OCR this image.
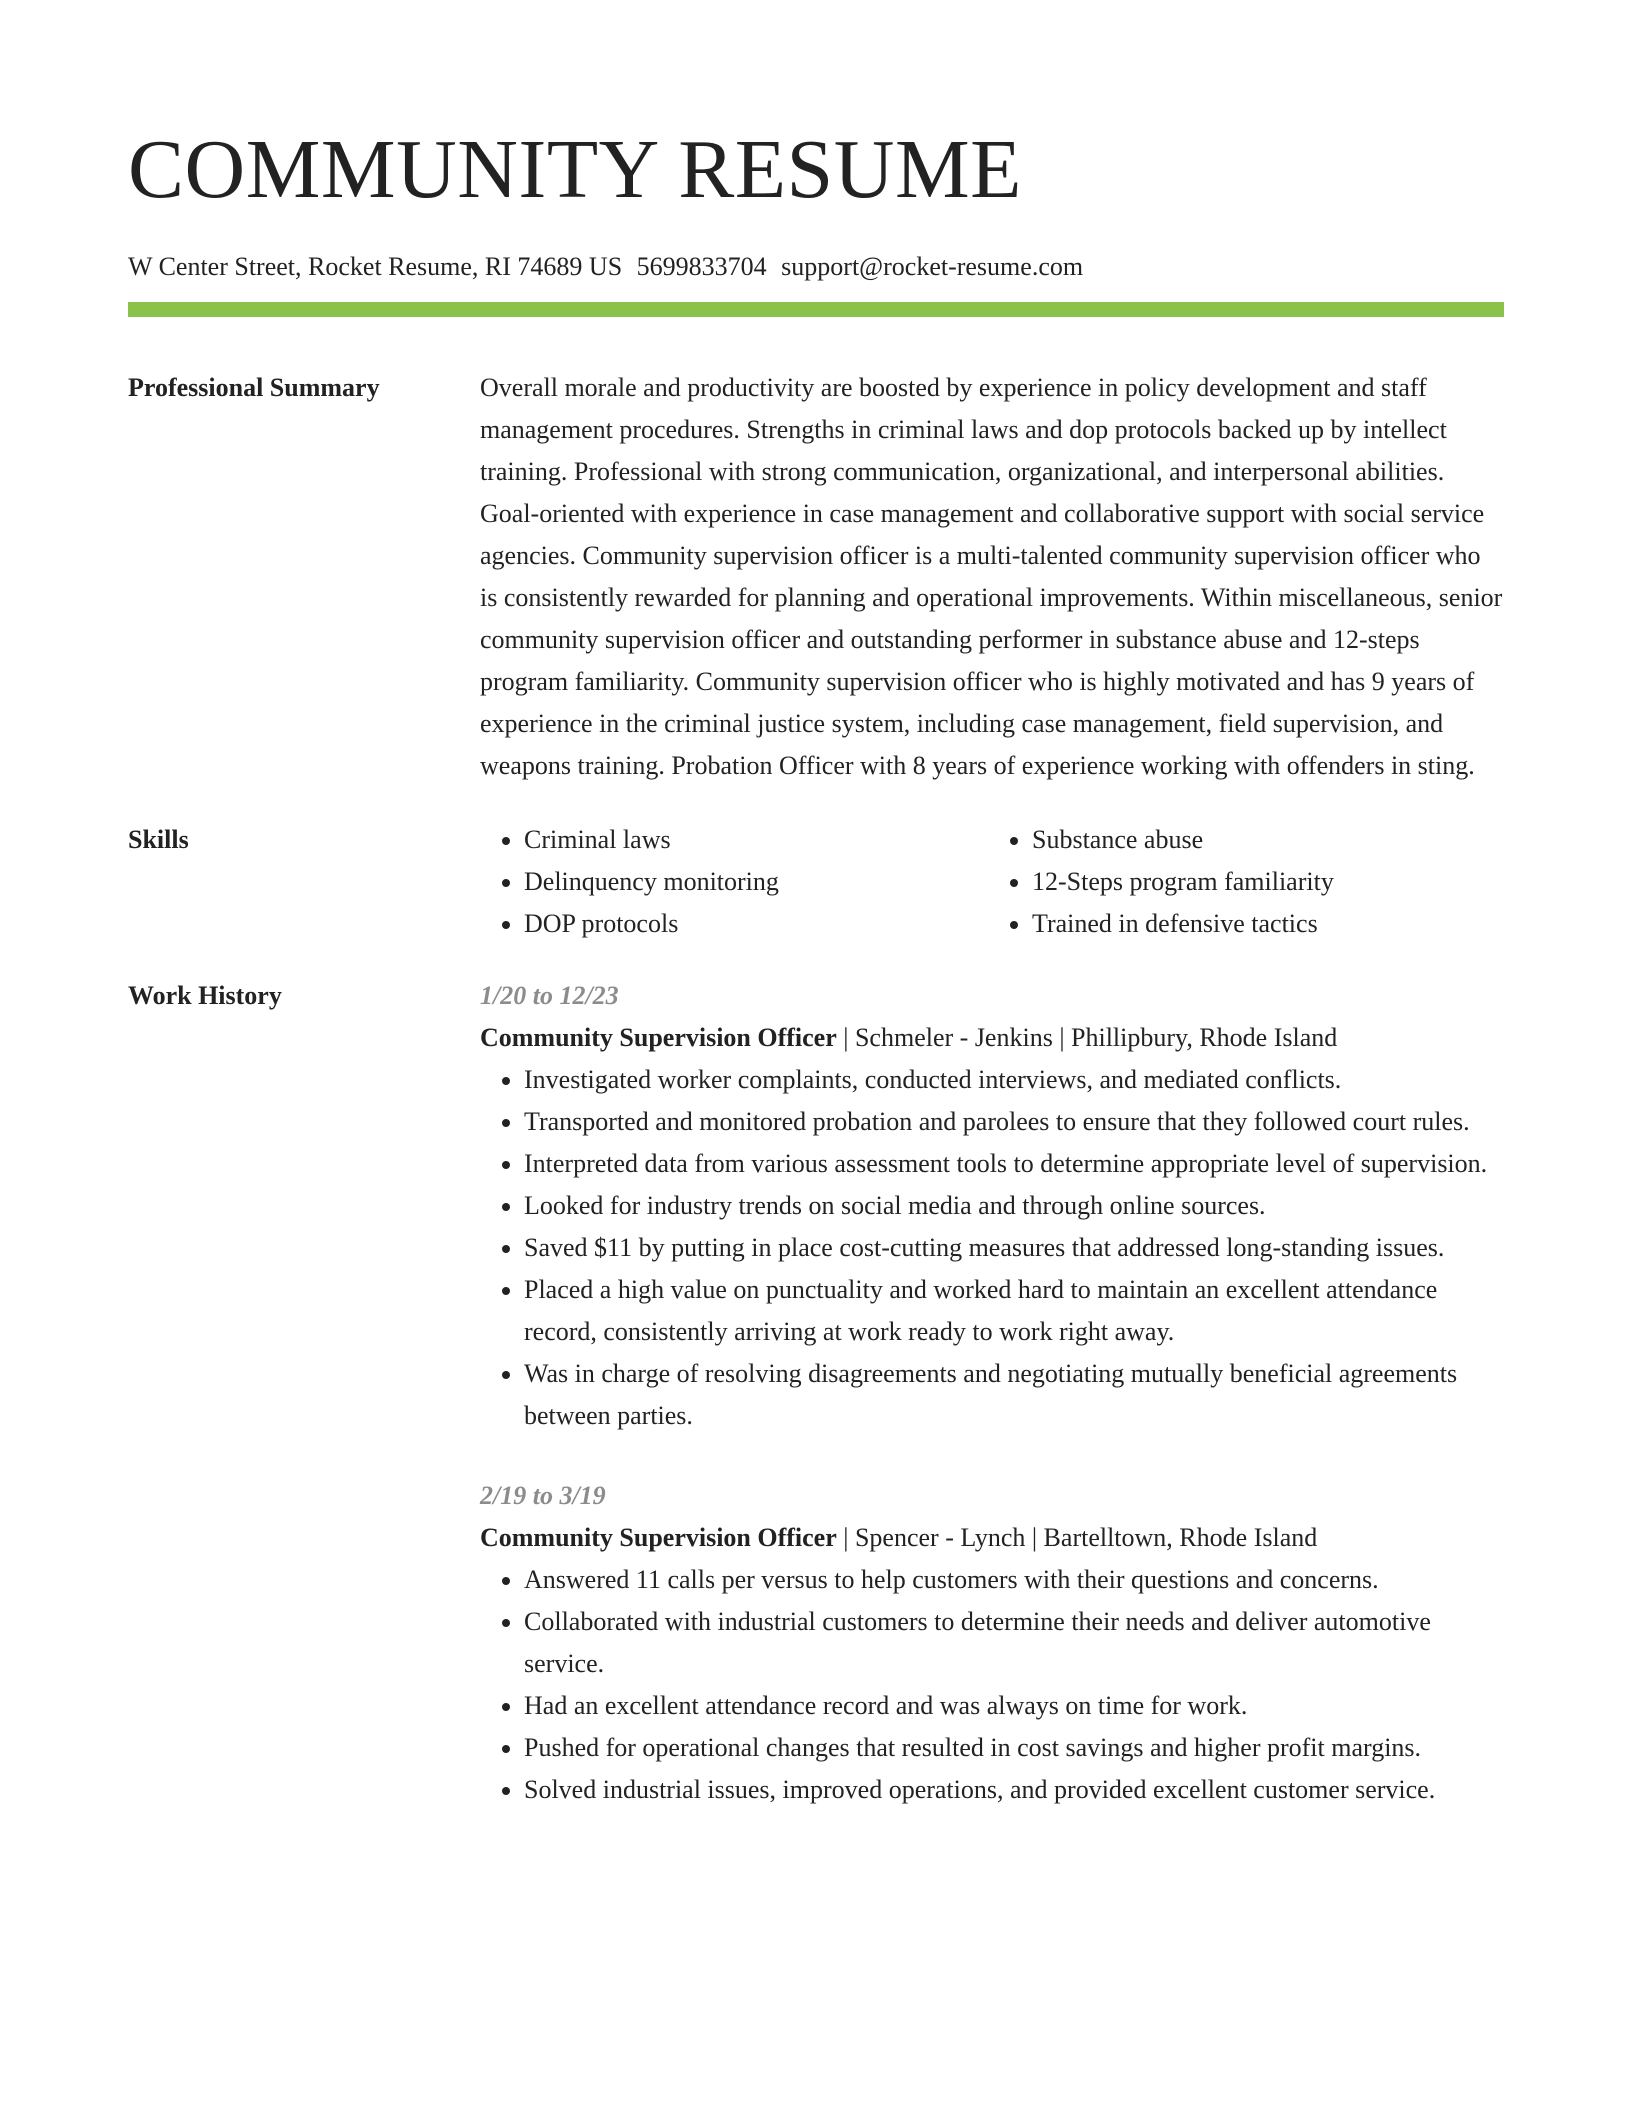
COMMUNITY RESUME
W Center Street, Rocket Resume, RI 74689 US 5699833704 support@rocket-resume.com
Professional Summary	Overall morale and productivity are boosted by experience in policy development and staff management procedures. Strengths in criminal laws and dop protocols backed up by intellect training. Professional with strong communication, organizational, and interpersonal abilities. Goal-oriented with experience in case management and collaborative support with social service agencies. Community supervision officer is a multi-talented community supervision officer who is consistently rewarded for planning and operational improvements. Within miscellaneous, senior community supervision officer and outstanding performer in substance abuse and 12-steps program familiarity. Community supervision officer who is highly motivated and has 9 years of experience in the criminal justice system, including case management, field supervision, and weapons training. Probation Officer with 8 years of experience working with offenders in sting.
Skills
•	Criminal laws
• Delinquency monitoring
• DOP protocols
• Substance abuse
• 12-Steps program familiarity
• Trained in defensive tactics
Work History	1/20 to 12/23
Community Supervision Officer | Schmeler - Jenkins | Phillipbury, Rhode Island
• Investigated worker complaints, conducted interviews, and mediated conflicts.
• Transported and monitored probation and parolees to ensure that they followed court rules.
• Interpreted data from various assessment tools to determine appropriate level of supervision.
• Looked for industry trends on social media and through online sources.
• Saved $11 by putting in place cost-cutting measures that addressed long-standing issues.
• Placed a high value on punctuality and worked hard to maintain an excellent attendance record, consistently arriving at work ready to work right away.
• Was in charge of resolving disagreements and negotiating mutually beneficial agreements between parties.
2/19 to 3/19
Community Supervision Officer | Spencer - Lynch | Bartelltown, Rhode Island
• Answered 11 calls per versus to help customers with their questions and concerns.
• Collaborated with industrial customers to determine their needs and deliver automotive service.
• Had an excellent attendance record and was always on time for work.
• Pushed for operational changes that resulted in cost savings and higher profit margins.
• Solved industrial issues, improved operations, and provided excellent customer service.
